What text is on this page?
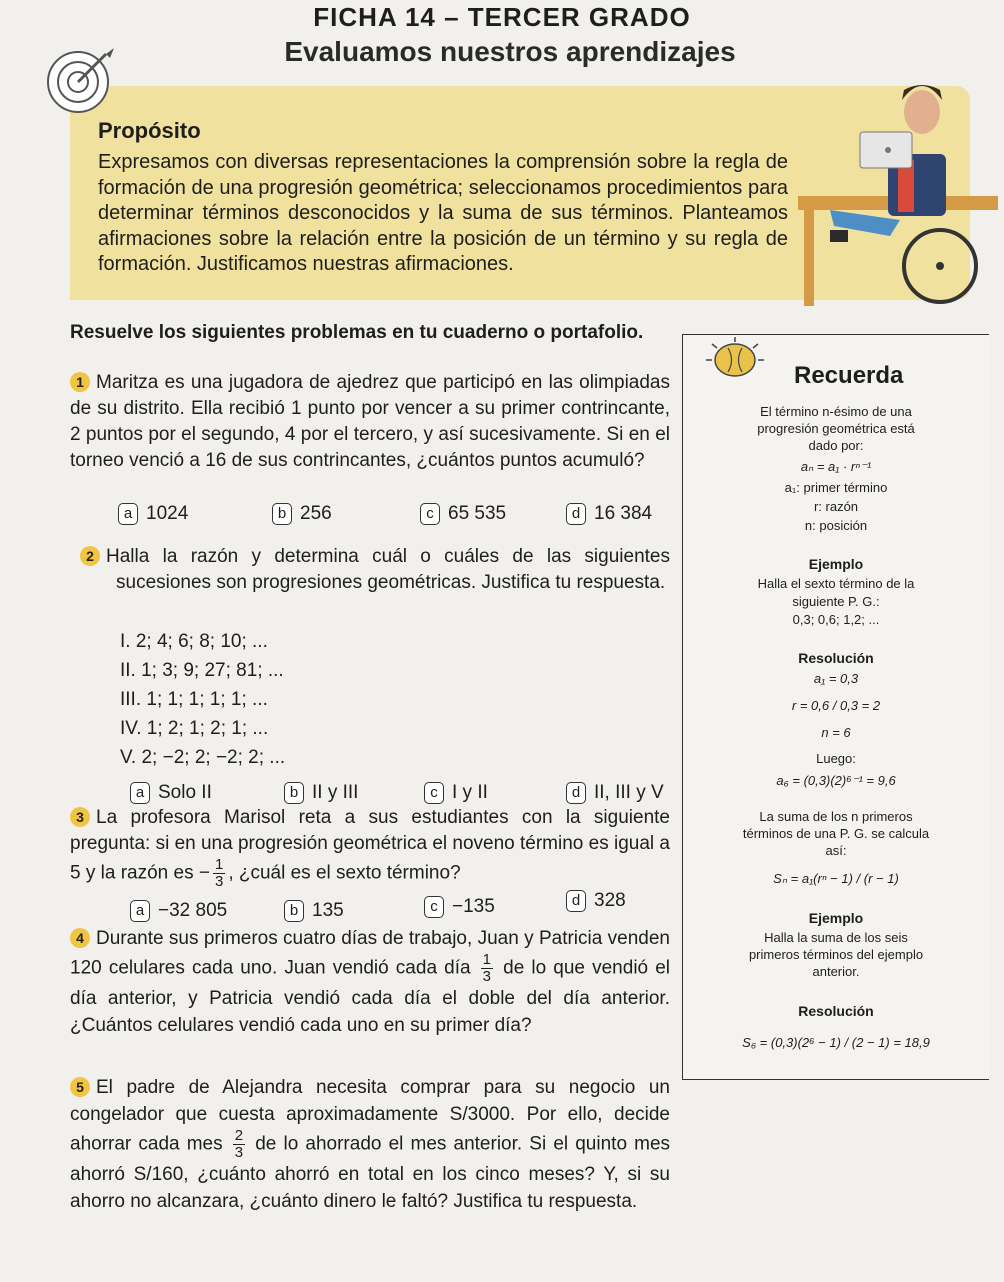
FICHA 14 – TERCER GRADO
Evaluamos nuestros aprendizajes
Propósito
Expresamos con diversas representaciones la comprensión sobre la regla de formación de una progresión geométrica; seleccionamos procedimientos para determinar términos desconocidos y la suma de sus términos. Planteamos afirmaciones sobre la relación entre la posición de un término y su regla de formación. Justificamos nuestras afirmaciones.
Resuelve los siguientes problemas en tu cuaderno o portafolio.
1 Maritza es una jugadora de ajedrez que participó en las olimpiadas de su distrito. Ella recibió 1 punto por vencer a su primer contrincante, 2 puntos por el segundo, 4 por el tercero, y así sucesivamente. Si en el torneo venció a 16 de sus contrincantes, ¿cuántos puntos acumuló?
a 1024	b 256	c 65 535	d 16 384
2 Halla la razón y determina cuál o cuáles de las siguientes sucesiones son progresiones geométricas. Justifica tu respuesta.
I. 2; 4; 6; 8; 10; ...
II. 1; 3; 9; 27; 81; ...
III. 1; 1; 1; 1; 1; ...
IV. 1; 2; 1; 2; 1; ...
V. 2; −2; 2; −2; 2; ...
a Solo II	b II y III	c I y II	d II, III y V
3 La profesora Marisol reta a sus estudiantes con la siguiente pregunta: si en una progresión geométrica el noveno término es igual a 5 y la razón es − $\frac{1}{3}$ , ¿cuál es el sexto término?
a −32 805	b 135	c −135	d 328
4 Durante sus primeros cuatro días de trabajo, Juan y Patricia venden 120 celulares cada uno. Juan vendió cada día $\frac{1}{3}$ de lo que vendió el día anterior, y Patricia vendió cada día el doble del día anterior. ¿Cuántos celulares vendió cada uno en su primer día?
5 El padre de Alejandra necesita comprar para su negocio un congelador que cuesta aproximadamente S/3000. Por ello, decide ahorrar cada mes $\frac{2}{3}$ de lo ahorrado el mes anterior. Si el quinto mes ahorró S/160, ¿cuánto ahorró en total en los cinco meses? Y, si su ahorro no alcanzara, ¿cuánto dinero le faltó? Justifica tu respuesta.
Recuerda
El término n-ésimo de una
progresión geométrica está
dado por:
aₙ = a₁ · rⁿ⁻¹
a₁: primer término
r: razón
n: posición
Ejemplo
Halla el sexto término de la
siguiente P. G.:
0,3; 0,6; 1,2; ...
Resolución
a₁ = 0,3
r = 0,6 / 0,3 = 2
n = 6
Luego:
a₆ = (0,3)(2)⁶⁻¹ = 9,6
La suma de los n primeros
términos de una P. G. se calcula
así:
Sₙ = a₁(rⁿ − 1) / (r − 1)
Ejemplo
Halla la suma de los seis
primeros términos del ejemplo
anterior.
Resolución
S₆ = (0,3)(2⁶ − 1) / (2 − 1) = 18,9
